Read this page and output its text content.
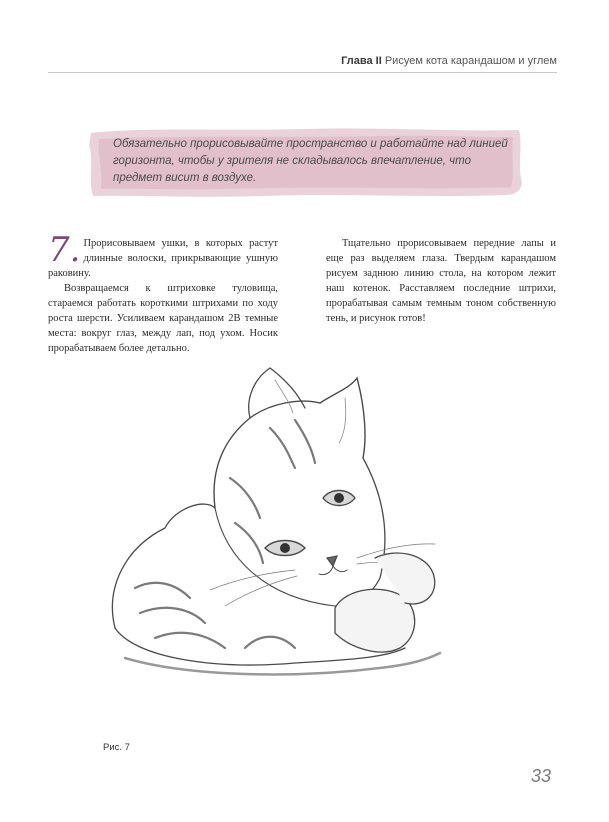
Глава II Рисуем кота карандашом и углем
Обязательно прорисовывайте пространство и работайте над линией горизонта, чтобы у зрителя не складывалось впечатление, что предмет висит в воздухе.

7. Прорисовываем ушки, в которых растут длинные волоски, прикрывающие ушную раковину.

Возвращаемся к штриховке туловища, стараемся работать короткими штрихами по ходу роста шерсти. Усиливаем карандашом 2B темные места: вокруг глаз, между лап, под ухом. Носик прорабатываем более детально.

Тщательно прорисовываем передние лапы и еще раз выделяем глаза. Твердым карандашом рисуем заднюю линию стола, на котором лежит наш котенок. Расставляем последние штрихи, прорабатывая самым темным тоном собственную тень, и рисунок готов!

Рис. 7
33
